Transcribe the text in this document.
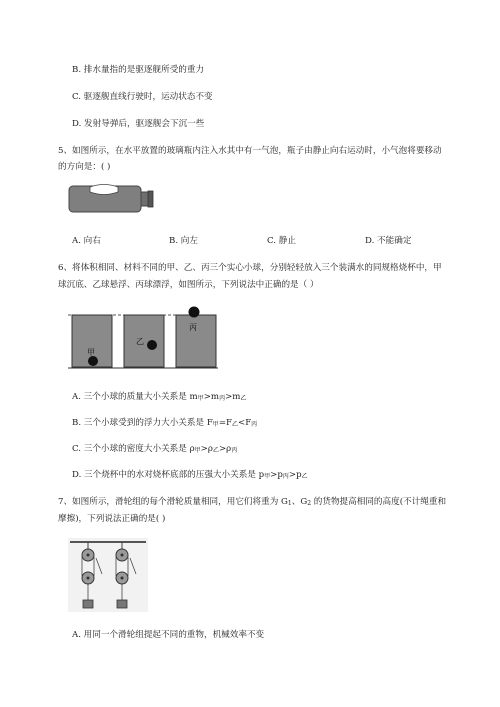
B. 排水量指的是驱逐舰所受的重力
C. 驱逐舰直线行驶时，运动状态不变
D. 发射导弹后，驱逐舰会下沉一些
5、如图所示，在水平放置的玻璃瓶内注入水其中有一气泡，瓶子由静止向右运动时，小气泡将要移动
的方向是：( )
A. 向右	B. 向左	C. 静止	D. 不能确定
6、将体积相同、材料不同的甲、乙、丙三个实心小球，分别轻轻放入三个装满水的同规格烧杯中，甲
球沉底、乙球悬浮、丙球漂浮，如图所示，下列说法中正确的是（ ）
甲
乙
丙
A. 三个小球的质量大小关系是 $m_甲>m_丙>m_乙$
B. 三个小球受到的浮力大小关系是 $F_甲=F_乙<F_丙$
C. 三个小球的密度大小关系是 $\rho_甲>\rho_乙>\rho_丙$
D. 三个烧杯中的水对烧杯底部的压强大小关系是 $p_甲>p_丙>p_乙$
7、如图所示，滑轮组的每个滑轮质量相同，用它们将重为 $G_1$、$G_2$ 的货物提高相同的高度(不计绳重和
摩擦)，下列说法正确的是( )
A. 用同一个滑轮组提起不同的重物，机械效率不变
